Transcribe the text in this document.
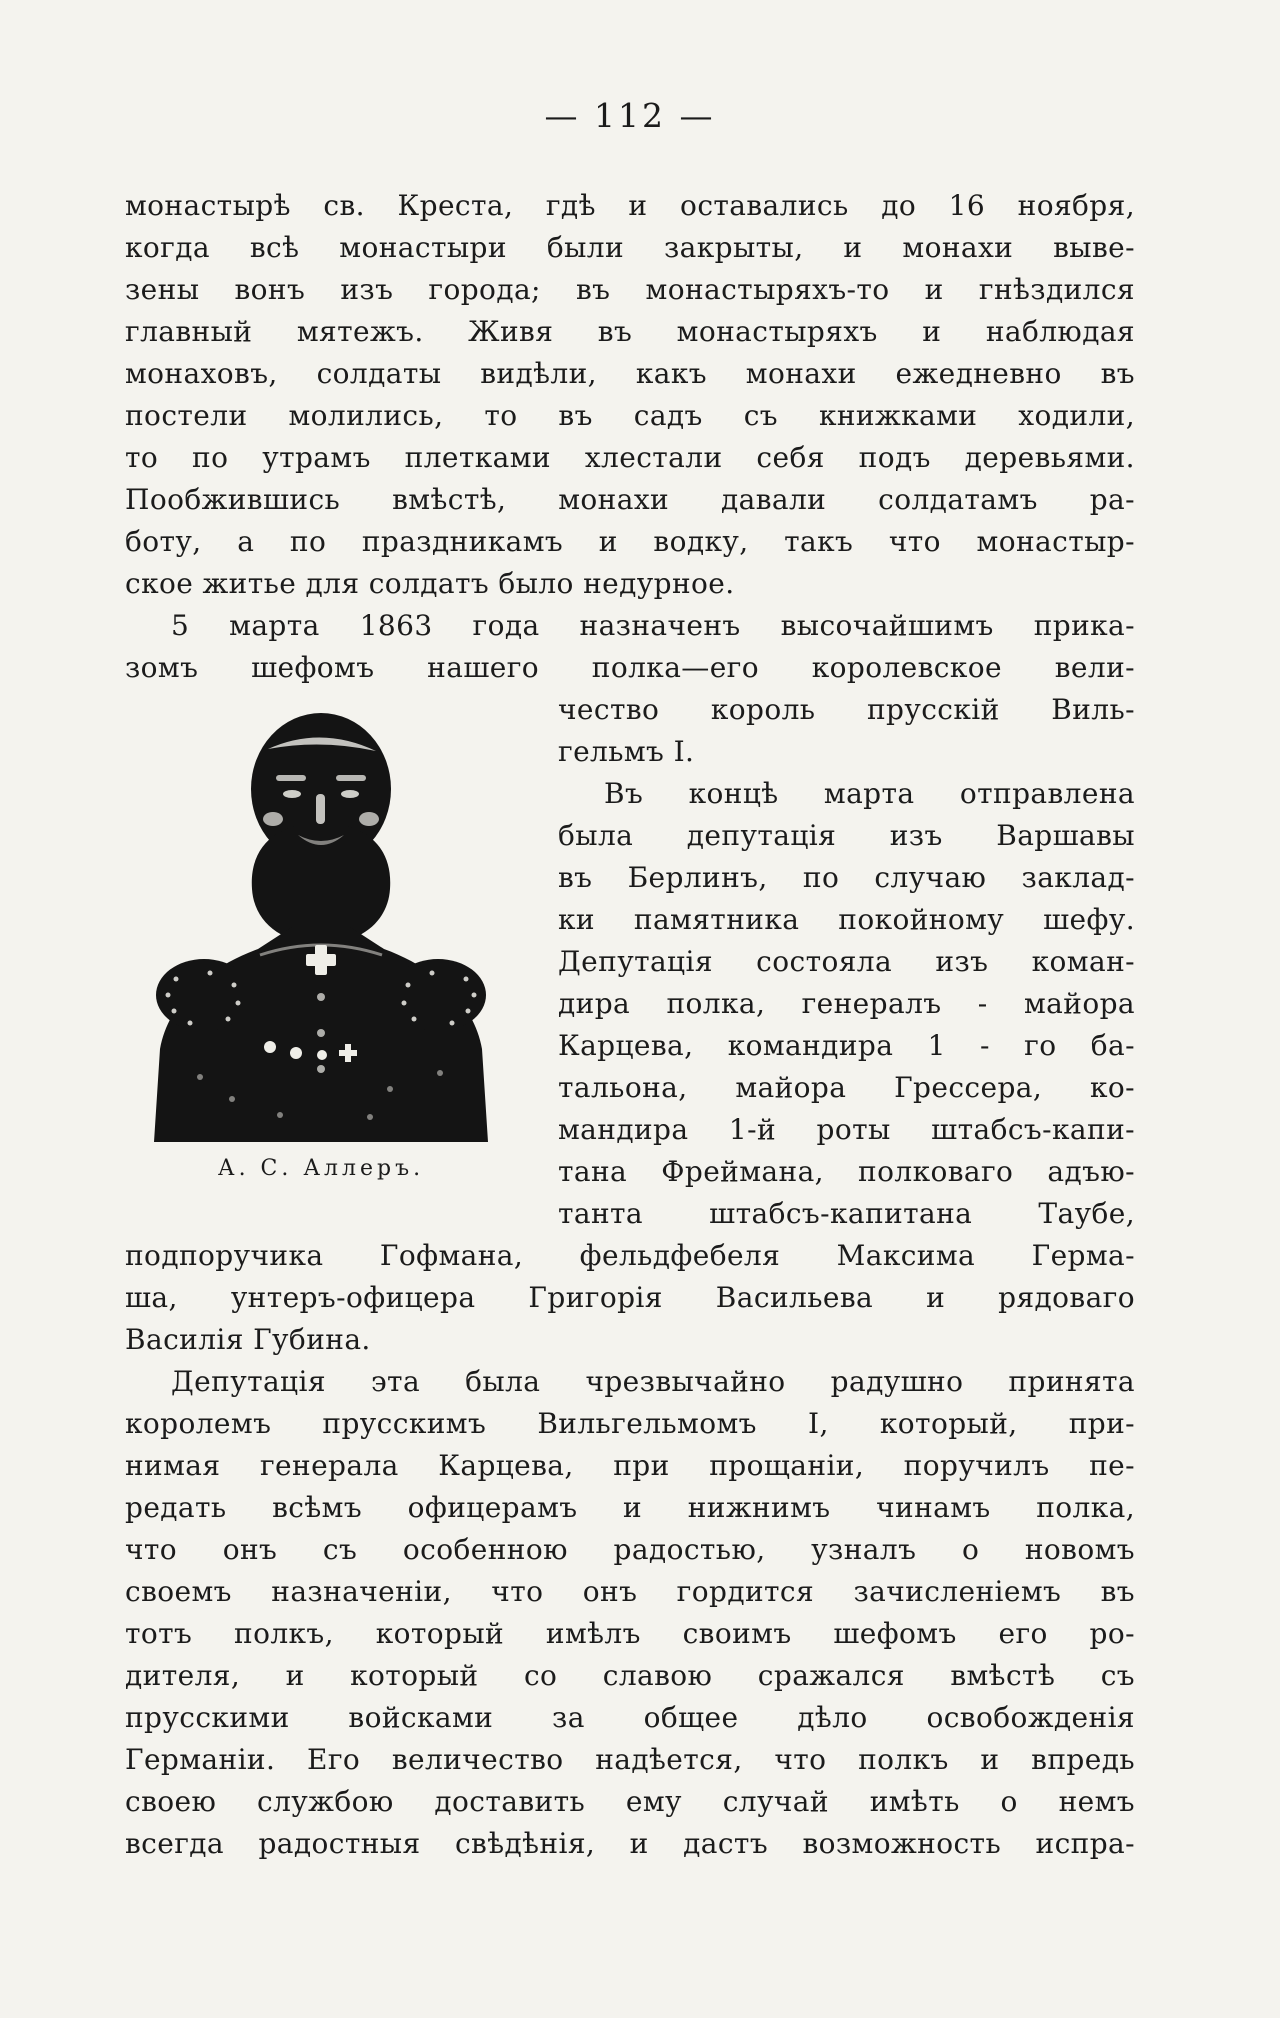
— 112 —
монастырѣ св. Креста, гдѣ и оставались до 16 ноября,
когда всѣ монастыри были закрыты, и монахи выве-
зены вонъ изъ города; въ монастыряхъ-то и гнѣздился
главный мятежъ. Живя въ монастыряхъ и наблюдая
монаховъ, солдаты видѣли, какъ монахи ежедневно въ
постели молились, то въ садъ съ книжками ходили,
то по утрамъ плетками хлестали себя подъ деревьями.
Пообжившись вмѣстѣ, монахи давали солдатамъ ра-
боту, а по праздникамъ и водку, такъ что монастыр-
ское житье для солдатъ было недурное.
5 марта 1863 года назначенъ высочайшимъ прика-
зомъ шефомъ нашего полка—его королевское вели-
А. С. Аллеръ.
чество король прусскій Виль-
гельмъ I.
Въ концѣ марта отправлена
была депутація изъ Варшавы
въ Берлинъ, по случаю заклад-
ки памятника покойному шефу.
Депутація состояла изъ коман-
дира полка, генералъ - майора
Карцева, командира 1 - го ба-
тальона, майора Грессера, ко-
мандира 1-й роты штабсъ-капи-
тана Фреймана, полковаго адъю-
танта штабсъ-капитана Таубе,
подпоручика Гофмана, фельдфебеля Максима Герма-
ша, унтеръ-офицера Григорія Васильева и рядоваго
Василія Губина.
Депутація эта была чрезвычайно радушно принята
королемъ прусскимъ Вильгельмомъ I, который, при-
нимая генерала Карцева, при прощаніи, поручилъ пе-
редать всѣмъ офицерамъ и нижнимъ чинамъ полка,
что онъ съ особенною радостью, узналъ о новомъ
своемъ назначеніи, что онъ гордится зачисленіемъ въ
тотъ полкъ, который имѣлъ своимъ шефомъ его ро-
дителя, и который со славою сражался вмѣстѣ съ
прусскими войсками за общее дѣло освобожденія
Германіи. Его величество надѣется, что полкъ и впредь
своею службою доставить ему случай имѣть о немъ
всегда радостныя свѣдѣнія, и дастъ возможность испра-
